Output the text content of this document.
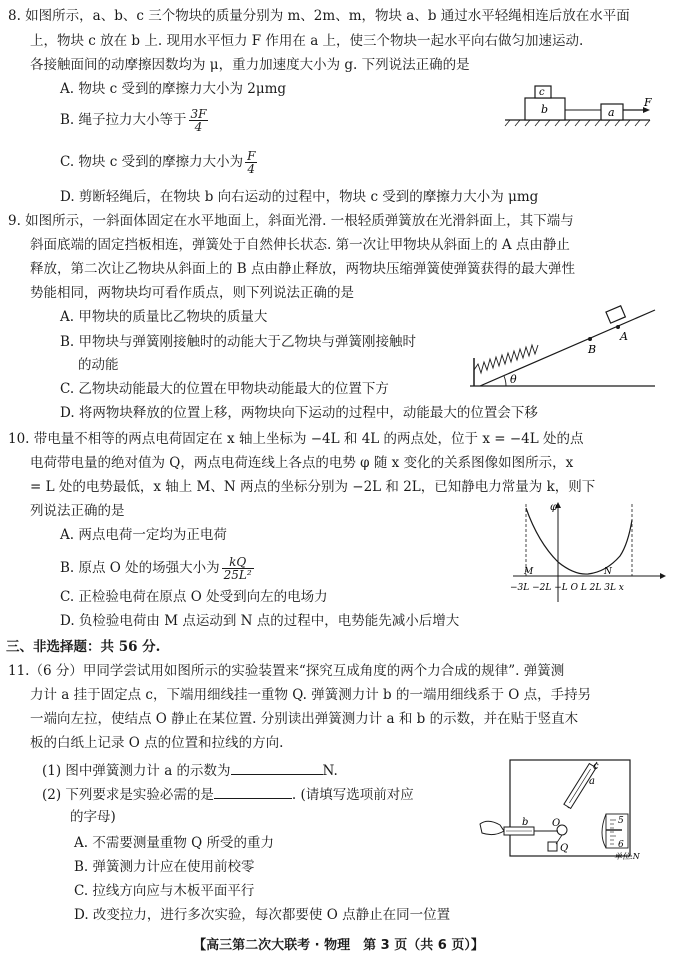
8. 如图所示，a、b、c 三个物块的质量分别为 m、2m、m，物块 a、b 通过水平轻绳相连后放在水平面
上，物块 c 放在 b 上. 现用水平恒力 F 作用在 a 上，使三个物块一起水平向右做匀加速运动.
各接触面间的动摩擦因数均为 μ，重力加速度大小为 g. 下列说法正确的是
A. 物块 c 受到的摩擦力大小为 2μmg
B. 绳子拉力大小等于 $\frac{3F}{4}$
C. 物块 c 受到的摩擦力大小为 $\frac{F}{4}$
D. 剪断轻绳后，在物块 b 向右运动的过程中，物块 c 受到的摩擦力大小为 μmg
c
b	a
F
9. 如图所示，一斜面体固定在水平地面上，斜面光滑. 一根轻质弹簧放在光滑斜面上，其下端与
斜面底端的固定挡板相连，弹簧处于自然伸长状态. 第一次让甲物块从斜面上的 A 点由静止
释放，第二次让乙物块从斜面上的 B 点由静止释放，两物块压缩弹簧使弹簧获得的最大弹性
势能相同，两物块均可看作质点，则下列说法正确的是
A. 甲物块的质量比乙物块的质量大
B. 甲物块与弹簧刚接触时的动能大于乙物块与弹簧刚接触时
的动能
C. 乙物块动能最大的位置在甲物块动能最大的位置下方
D. 将两物块释放的位置上移，两物块向下运动的过程中，动能最大的位置会下移
A
B
θ
10. 带电量不相等的两点电荷固定在 x 轴上坐标为 −4L 和 4L 的两点处，位于 x = −4L 处的点
电荷带电量的绝对值为 Q，两点电荷连线上各点的电势 φ 随 x 变化的关系图像如图所示，x
= L 处的电势最低，x 轴上 M、N 两点的坐标分别为 −2L 和 2L，已知静电力常量为 k，则下
列说法正确的是
A. 两点电荷一定均为正电荷
B. 原点 O 处的场强大小为 $\frac{kQ}{\text{25L²}}$
C. 正检验电荷在原点 O 处受到向左的电场力
D. 负检验电荷由 M 点运动到 N 点的过程中，电势能先减小后增大
φ
M	N
−3L −2L −L O L 2L 3L x
三、非选择题：共 56 分.
11.（6 分）甲同学尝试用如图所示的实验装置来“探究互成角度的两个力合成的规律”. 弹簧测
力计 a 挂于固定点 c，下端用细线挂一重物 Q. 弹簧测力计 b 的一端用细线系于 O 点，手持另
一端向左拉，使结点 O 静止在某位置. 分别读出弹簧测力计 a 和 b 的示数，并在贴于竖直木
板的白纸上记录 O 点的位置和拉线的方向.
(1) 图中弹簧测力计 a 的示数为	N.
(2) 下列要求是实验必需的是	. (请填写选项前对应
的字母)
A. 不需要测量重物 Q 所受的重力
B. 弹簧测力计应在使用前校零
C. 拉线方向应与木板平面平行
D. 改变拉力，进行多次实验，每次都要使 O 点静止在同一位置
c
a
b O
Q
5
6
单位:N
【高三第二次大联考 · 物理　第 3 页（共 6 页）】
